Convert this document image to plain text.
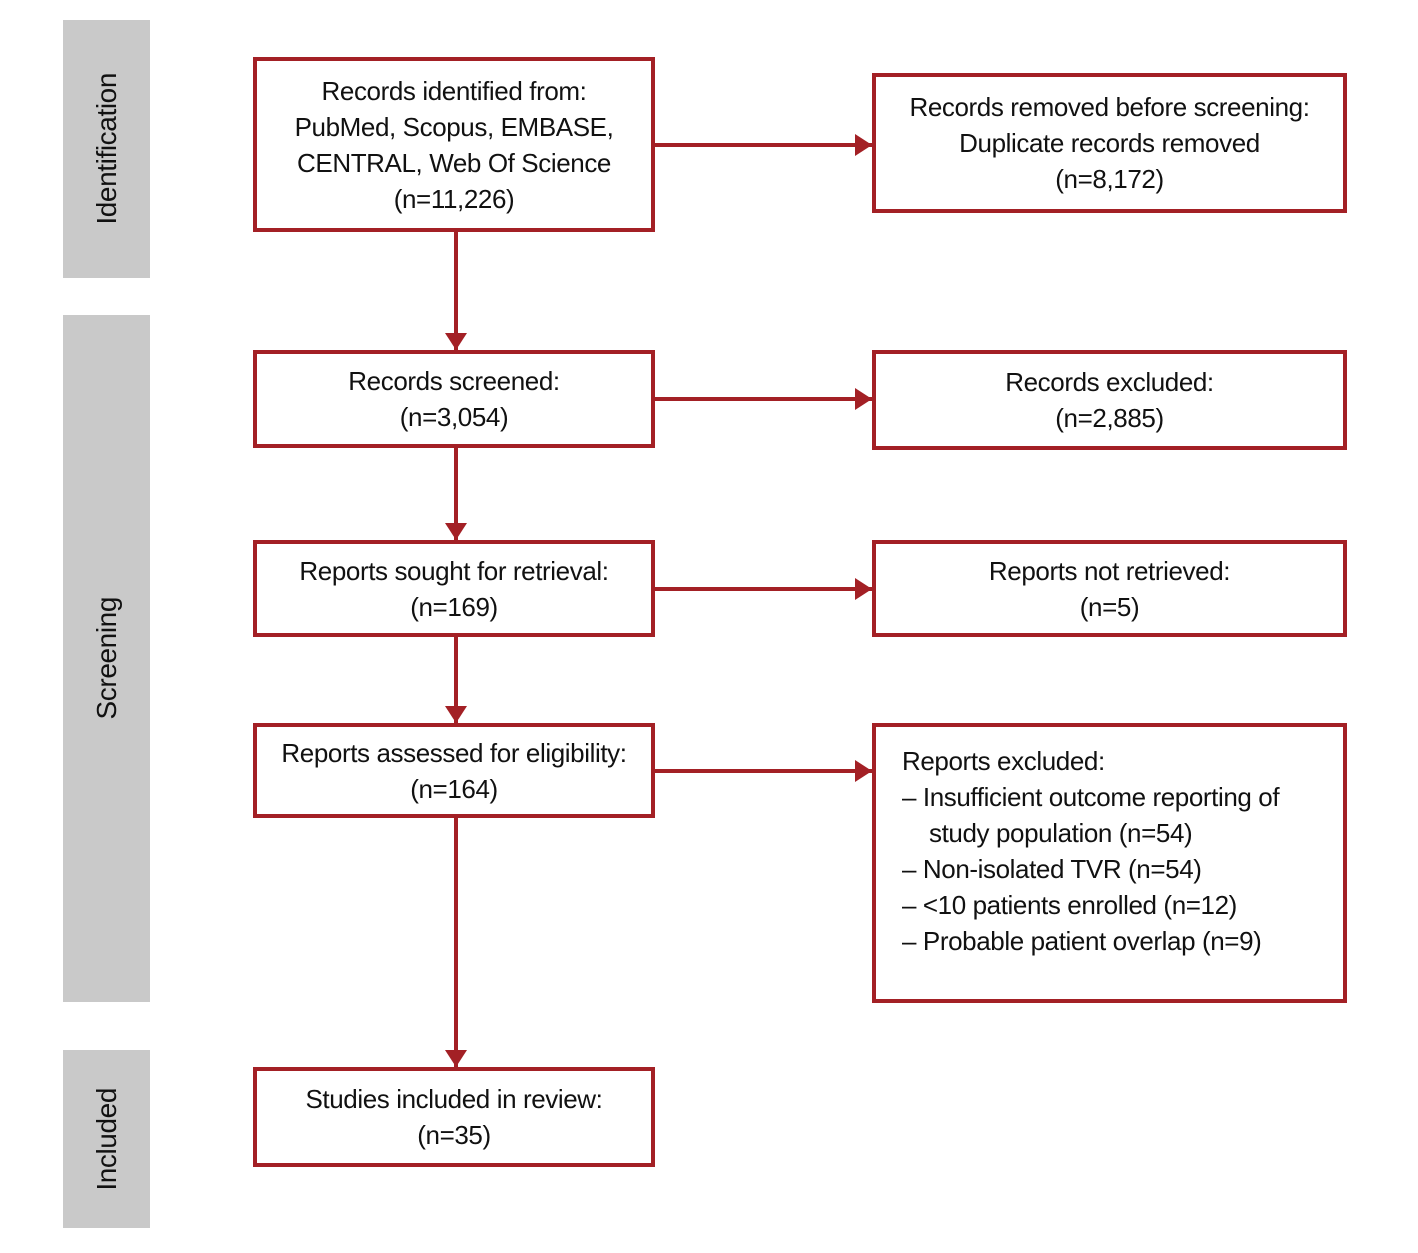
Identification
Screening
Included
Records identified from:
PubMed, Scopus, EMBASE,
CENTRAL, Web Of Science
(n=11,226)
Records screened:
(n=3,054)
Reports sought for retrieval:
(n=169)
Reports assessed for eligibility:
(n=164)
Studies included in review:
(n=35)
Records removed before screening:
Duplicate records removed
(n=8,172)
Records excluded:
(n=2,885)
Reports not retrieved:
(n=5)
Reports excluded:
– Insufficient outcome reporting of study population (n=54)
– Non-isolated TVR (n=54)
– <10 patients enrolled (n=12)
– Probable patient overlap (n=9)
